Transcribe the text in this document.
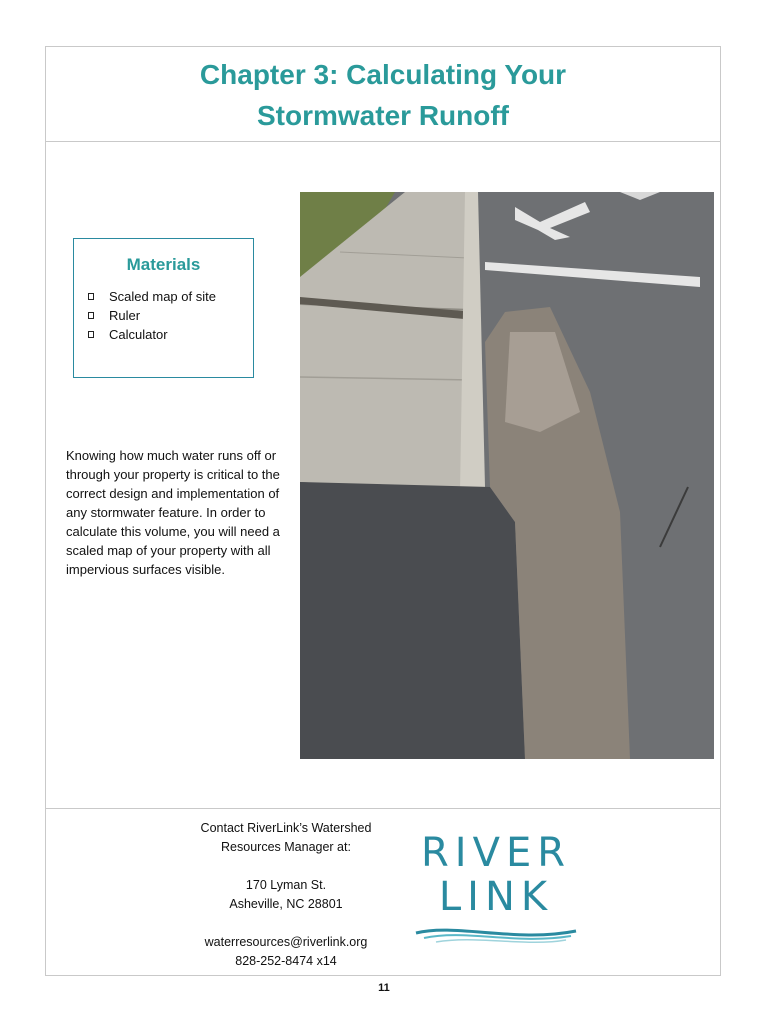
Chapter 3: Calculating Your
Stormwater Runoff
Materials
Scaled map of site
Ruler
Calculator

Knowing how much water runs off or through your property is critical to the correct design and implementation of any stormwater feature. In order to calculate this volume, you will need a scaled map of your property with all impervious surfaces visible.

Contact RiverLink’s Watershed

Resources Manager at:

170 Lyman St.

Asheville, NC 28801

waterresources@riverlink.org

828-252-8474 x14

RIVER
LINK
11
